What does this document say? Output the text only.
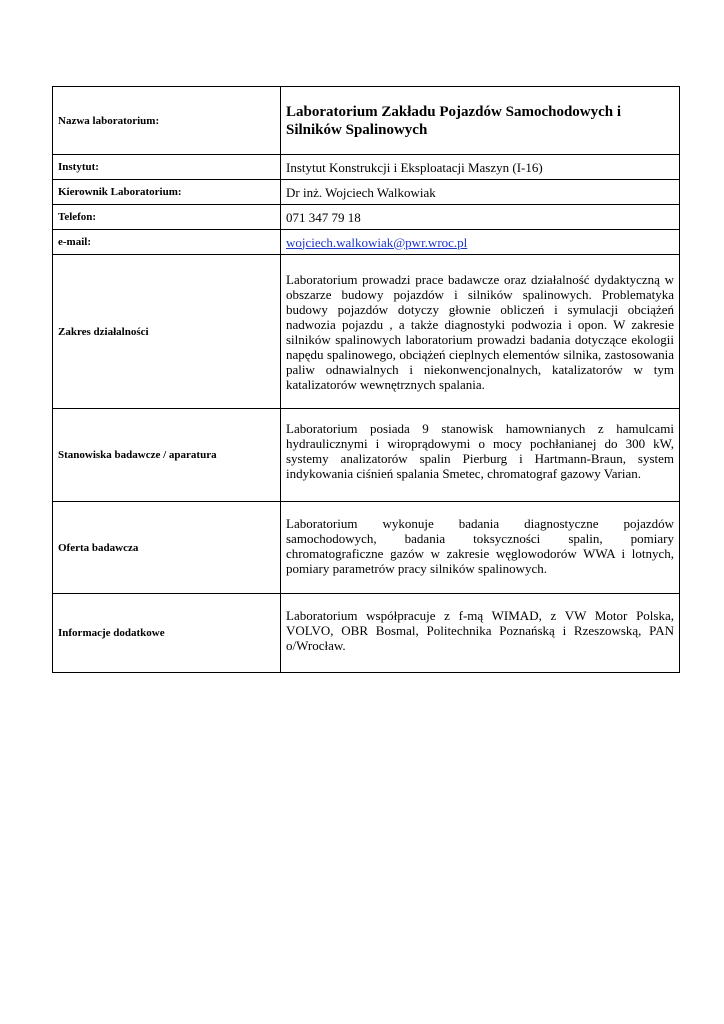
Nazwa laboratorium:	Laboratorium Zakładu Pojazdów Samochodowych i Silników Spalinowych
Instytut:	Instytut Konstrukcji i Eksploatacji Maszyn (I-16)
Kierownik Laboratorium:	Dr inż. Wojciech Walkowiak
Telefon:	071 347 79 18
e-mail:	wojciech.walkowiak@pwr.wroc.pl
Zakres działalności	Laboratorium prowadzi prace badawcze oraz działalność dydaktyczną w obszarze budowy pojazdów i silników spalinowych. Problematyka budowy pojazdów dotyczy głownie obliczeń i symulacji obciążeń nadwozia pojazdu , a także diagnostyki podwozia i opon. W zakresie silników spalinowych laboratorium prowadzi badania dotyczące ekologii napędu spalinowego, obciążeń cieplnych elementów silnika, zastosowania paliw odnawialnych i niekonwencjonalnych, katalizatorów w tym katalizatorów wewnętrznych spalania.
Stanowiska badawcze / aparatura	Laboratorium posiada 9 stanowisk hamownianych z hamulcami hydraulicznymi i wiroprądowymi o mocy pochłanianej do 300 kW, systemy analizatorów spalin Pierburg i Hartmann-Braun, system indykowania ciśnień spalania Smetec, chromatograf gazowy Varian.
Oferta badawcza	Laboratorium wykonuje badania diagnostyczne pojazdów samochodowych, badania toksyczności spalin, pomiary chromatograficzne gazów w zakresie węglowodorów WWA i lotnych, pomiary parametrów pracy silników spalinowych.
Informacje dodatkowe	Laboratorium współpracuje z f-mą WIMAD, z VW Motor Polska, VOLVO, OBR Bosmal, Politechnika Poznańską i Rzeszowską, PAN o/Wrocław.
